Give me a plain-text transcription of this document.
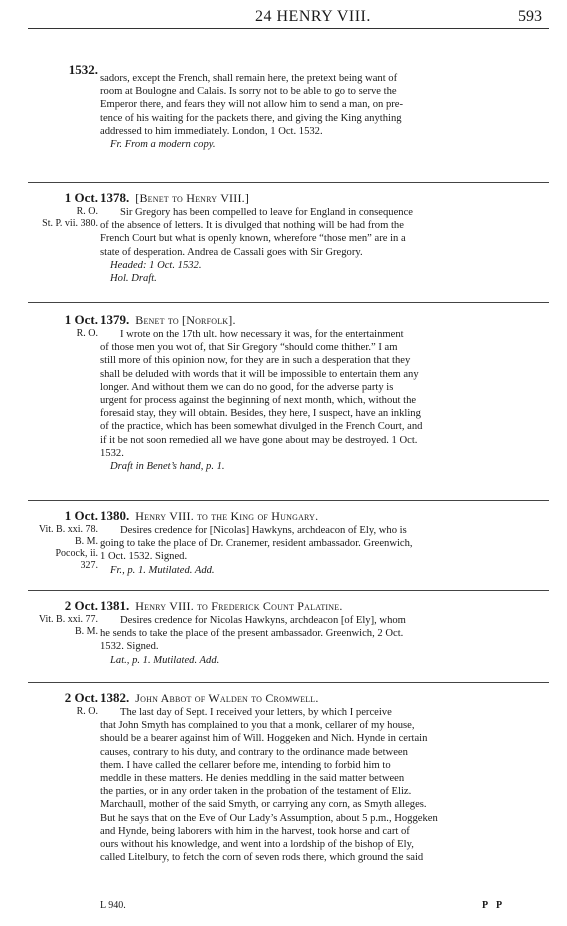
24 HENRY VIII.	593
1532.

sadors, except the French, shall remain here, the pretext being want of

room at Boulogne and Calais. Is sorry not to be able to go to serve the

Emperor there, and fears they will not allow him to send a man, on pre-

tence of his waiting for the packets there, and giving the King anything

addressed to him immediately. London, 1 Oct. 1532.

Fr. From a modern copy.

1 Oct.
R. O.
St. P. vii. 380.
1378. [Benet to Henry VIII.]

Sir Gregory has been compelled to leave for England in consequence

of the absence of letters. It is divulged that nothing will be had from the

French Court but what is openly known, wherefore “those men” are in a

state of desperation. Andrea de Cassali goes with Sir Gregory.

Headed: 1 Oct. 1532.

Hol. Draft.

1 Oct.
R. O.
1379. Benet to [Norfolk].

I wrote on the 17th ult. how necessary it was, for the entertainment

of those men you wot of, that Sir Gregory “should come thither.” I am

still more of this opinion now, for they are in such a desperation that they

shall be deluded with words that it will be impossible to entertain them any

longer. And without them we can do no good, for the adverse party is

urgent for process against the beginning of next month, which, without the

foresaid stay, they will obtain. Besides, they here, I suspect, have an inkling

of the practice, which has been somewhat divulged in the French Court, and

if it be not soon remedied all we have gone about may be destroyed. 1 Oct.

1532.

Draft in Benet’s hand, p. 1.

1 Oct.
Vit. B. xxi. 78.
B. M.
Pocock, ii.
327.
1380. Henry VIII. to the King of Hungary.

Desires credence for [Nicolas] Hawkyns, archdeacon of Ely, who is

going to take the place of Dr. Cranemer, resident ambassador. Greenwich,

1 Oct. 1532. Signed.

Fr., p. 1. Mutilated. Add.

2 Oct.
Vit. B. xxi. 77.
B. M.
1381. Henry VIII. to Frederick Count Palatine.

Desires credence for Nicolas Hawkyns, archdeacon [of Ely], whom

he sends to take the place of the present ambassador. Greenwich, 2 Oct.

1532. Signed.

Lat., p. 1. Mutilated. Add.

2 Oct.
R. O.
1382. John Abbot of Walden to Cromwell.

The last day of Sept. I received your letters, by which I perceive

that John Smyth has complained to you that a monk, cellarer of my house,

should be a bearer against him of Will. Hoggeken and Nich. Hynde in certain

causes, contrary to his duty, and contrary to the ordinance made between

them. I have called the cellarer before me, intending to forbid him to

meddle in these matters. He denies meddling in the said matter between

the parties, or in any order taken in the probation of the testament of Eliz.

Marchaull, mother of the said Smyth, or carrying any corn, as Smyth alleges.

But he says that on the Eve of Our Lady’s Assumption, about 5 p.m., Hoggeken

and Hynde, being laborers with him in the harvest, took horse and cart of

ours without his knowledge, and went into a lordship of the bishop of Ely,

called Litelbury, to fetch the corn of seven rods there, which ground the said

L 940.	P P
